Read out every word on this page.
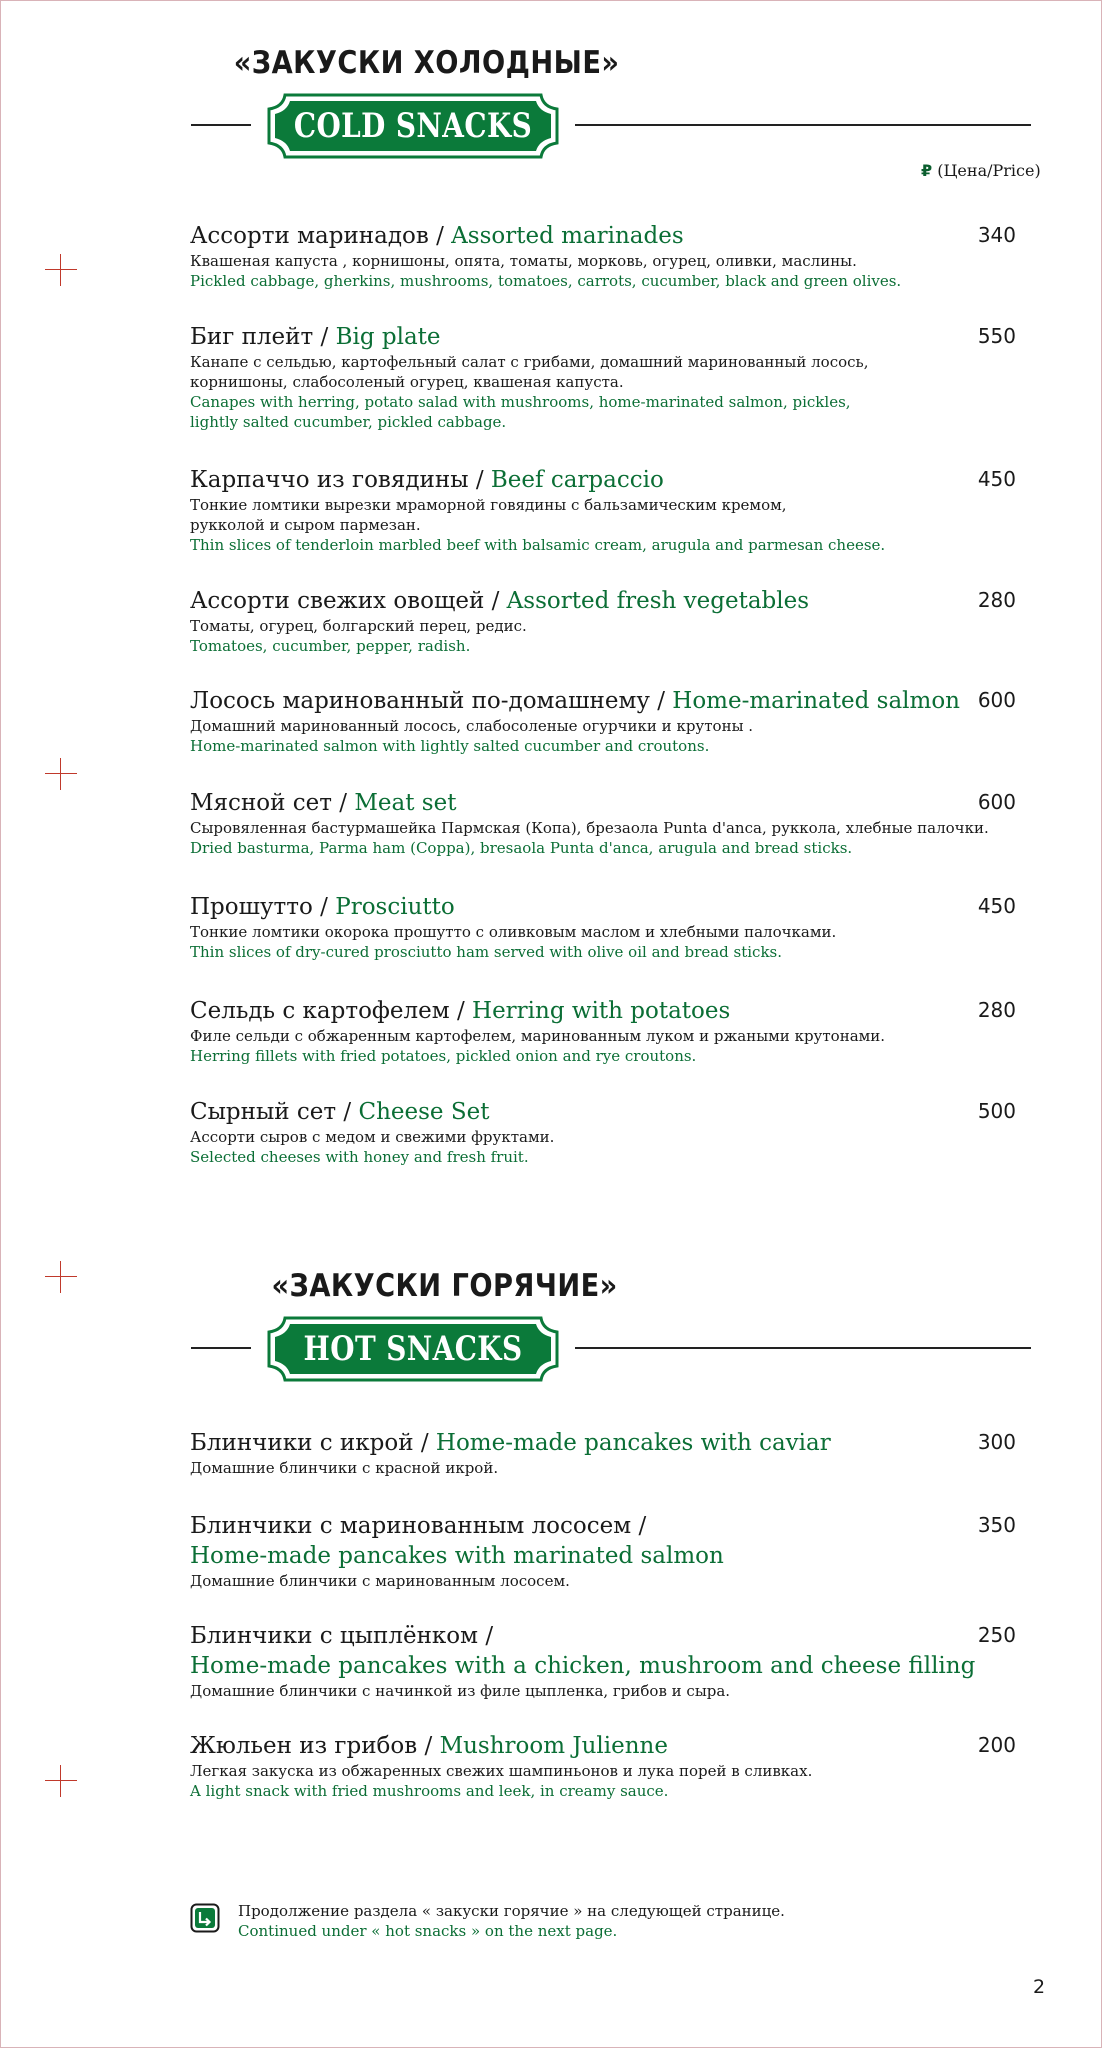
«ЗАКУСКИ ХОЛОДНЫЕ»
COLD SNACKS
₽ (Цена/Price)
Ассорти маринадов / Assorted marinades	340
Квашеная капуста , корнишоны, опята, томаты, морковь, огурец, оливки, маслины.
Pickled cabbage, gherkins, mushrooms, tomatoes, carrots, cucumber, black and green olives.
Биг плейт / Big plate	550
Канапе с сельдью, картофельный салат с грибами, домашний маринованный лосось,
корнишоны, слабосоленый огурец, квашеная капуста.
Canapes with herring, potato salad with mushrooms, home-marinated salmon, pickles,
lightly salted cucumber, pickled cabbage.
Карпаччо из говядины / Beef carpaccio	450
Тонкие ломтики вырезки мраморной говядины с бальзамическим кремом,
рукколой и сыром пармезан.
Thin slices of tenderloin marbled beef with balsamic cream, arugula and parmesan cheese.
Ассорти свежих овощей / Assorted fresh vegetables	280
Томаты, огурец, болгарский перец, редис.
Tomatoes, cucumber, pepper, radish.
Лосось маринованный по-домашнему / Home-marinated salmon 600
Домашний маринованный лосось, слабосоленые огурчики и крутоны .
Home-marinated salmon with lightly salted cucumber and croutons.
Мясной сет / Meat set	600
Сыровяленная бастурмашейка Пармская (Копа), брезаола Punta d'anca, руккола, хлебные палочки.
Dried basturma, Parma ham (Coppa), bresaola Punta d'anca, arugula and bread sticks.
Прошутто / Prosciutto	450
Тонкие ломтики окорока прошутто с оливковым маслом и хлебными палочками.
Thin slices of dry-cured prosciutto ham served with olive oil and bread sticks.
Сельдь с картофелем / Herring with potatoes	280
Филе сельди с обжаренным картофелем, маринованным луком и ржаными крутонами.
Herring fillets with fried potatoes, pickled onion and rye croutons.
Сырный сет / Cheese Set	500
Ассорти сыров с медом и свежими фруктами.
Selected cheeses with honey and fresh fruit.
«ЗАКУСКИ ГОРЯЧИЕ»
HOT SNACKS
Блинчики с икрой / Home-made pancakes with caviar	300
Домашние блинчики с красной икрой.
Блинчики с маринованным лососем /
Home-made pancakes with marinated salmon
350
Домашние блинчики с маринованным лососем.
Блинчики с цыплёнком /
Home-made pancakes with a chicken, mushroom and cheese filling
250
Домашние блинчики с начинкой из филе цыпленка, грибов и сыра.
Жюльен из грибов / Mushroom Julienne	200
Легкая закуска из обжаренных свежих шампиньонов и лука порей в сливках.
A light snack with fried mushrooms and leek, in creamy sauce.
Продолжение раздела « закуски горячие » на следующей странице.
Continued under « hot snacks » on the next page.
2
